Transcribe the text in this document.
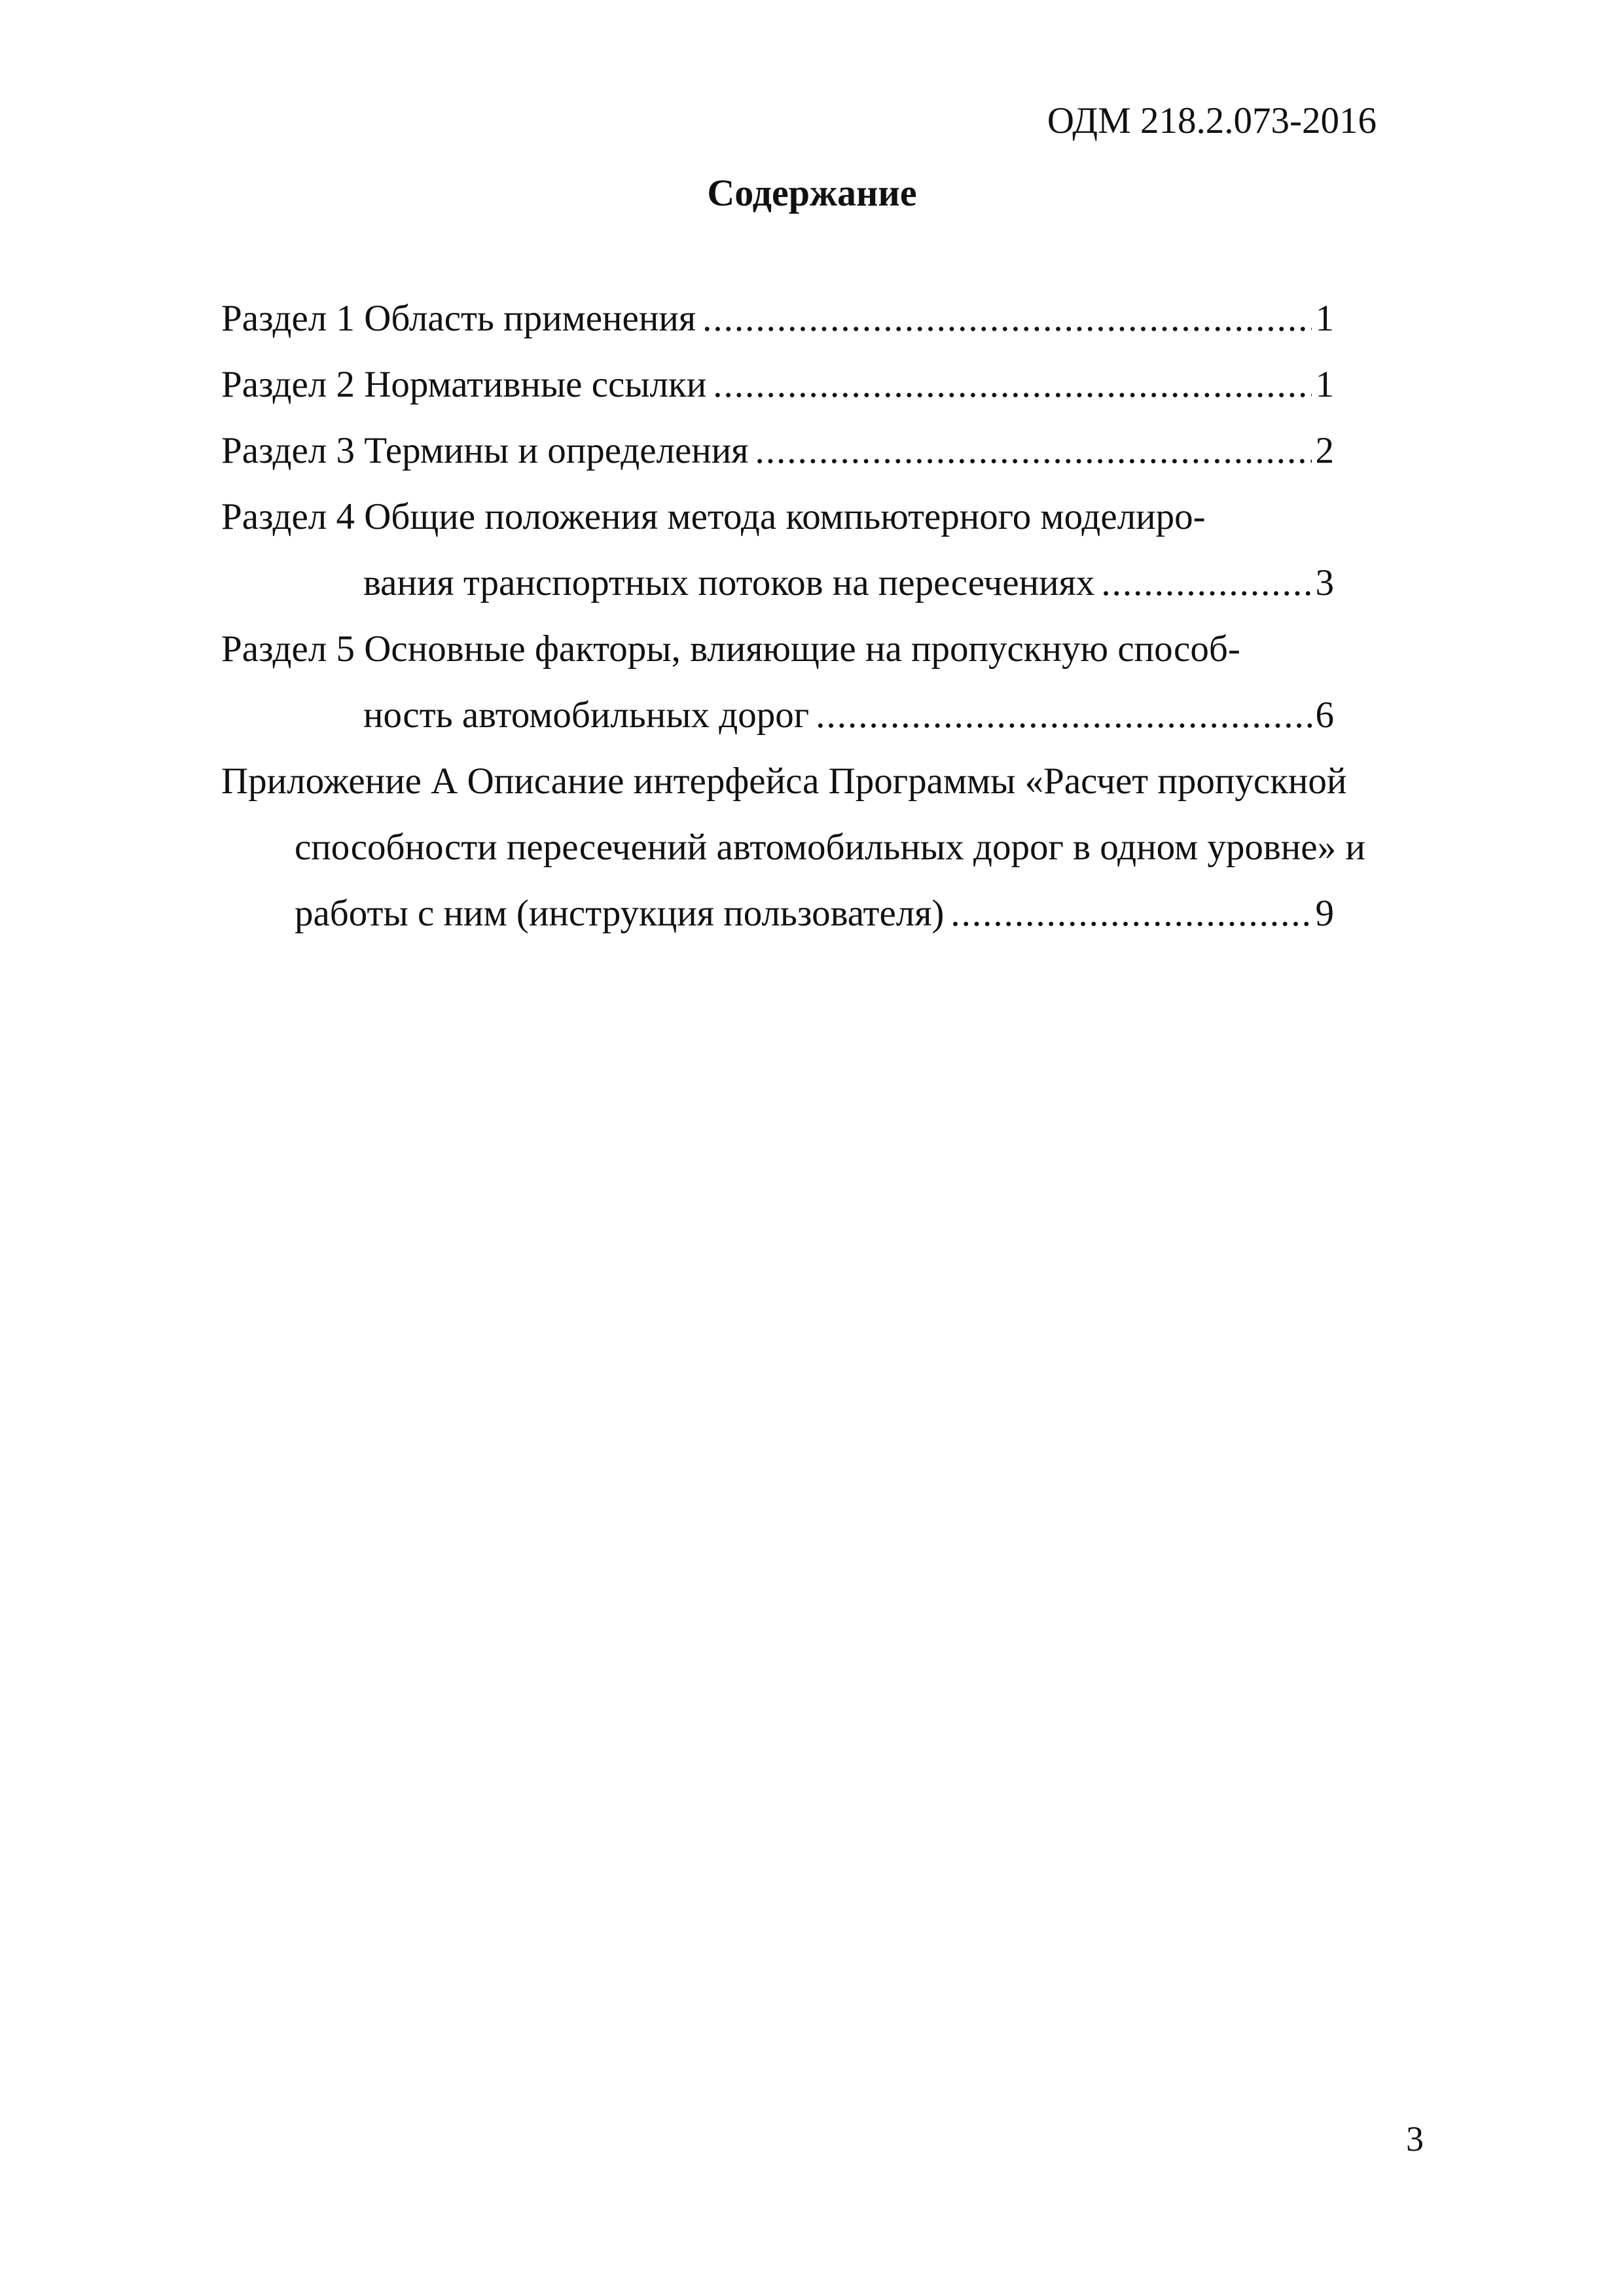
ОДМ 218.2.073-2016
Содержание
Раздел 1 Область применения .....	1
Раздел 2 Нормативные ссылки .....	1
Раздел 3 Термины и определения .....	2
Раздел 4 Общие положения метода компьютерного моделиро-
вания транспортных потоков на пересечениях .....	3
Раздел 5 Основные факторы, влияющие на пропускную способ-
ность автомобильных дорог .....	6
Приложение А Описание интерфейса Программы «Расчет пропускной
способности пересечений автомобильных дорог в одном уровне» и
работы с ним (инструкция пользователя) .....	9
3
